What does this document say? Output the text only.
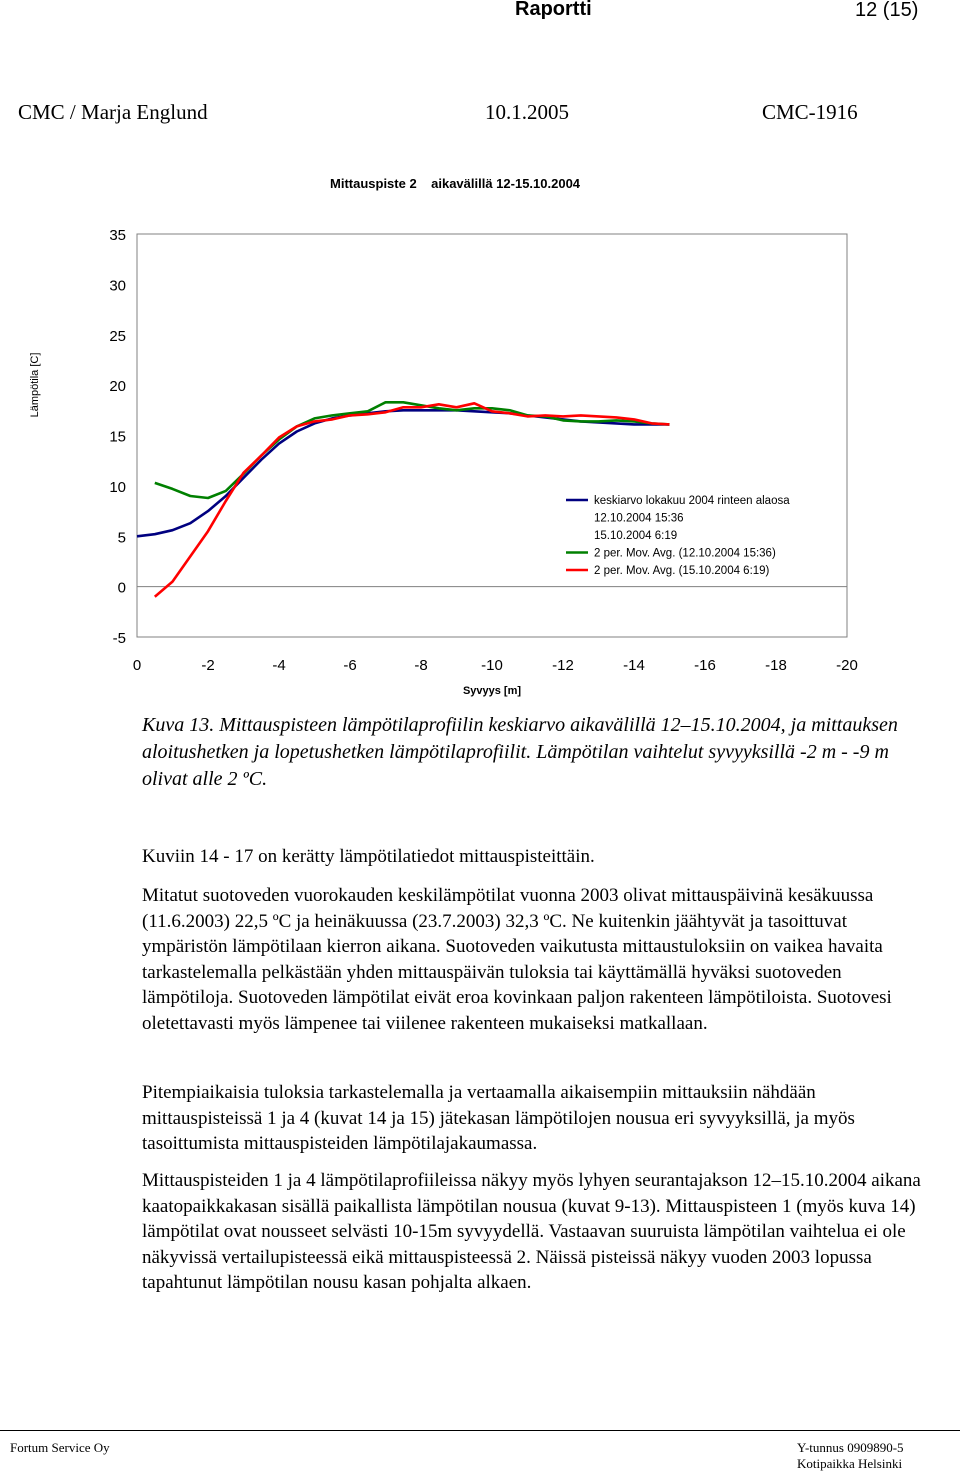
Raportti	12 (15)
CMC / Marja Englund	10.1.2005	CMC-1916
Mittauspiste 2    aikavälillä 12-15.10.2004
35
30
25
20
15
10
5
0
-5
0	-2	-4	-6	-8	-10	-12	-14	-16	-18	-20
keskiarvo lokakuu 2004 rinteen alaosa
12.10.2004 15:36
15.10.2004 6:19
2 per. Mov. Avg. (12.10.2004 15:36)
2 per. Mov. Avg. (15.10.2004 6:19)
Lämpötila [C]
Syvyys [m]
Kuva 13. Mittauspisteen lämpötilaprofiilin keskiarvo aikavälillä 12–15.10.2004, ja mittauksen aloitushetken ja lopetushetken lämpötilaprofiilit. Lämpötilan vaihtelut syvyyksillä -2 m - -9 m olivat alle 2 ºC.
Kuviin 14 - 17 on kerätty lämpötilatiedot mittauspisteittäin.
Mitatut suotoveden vuorokauden keskilämpötilat vuonna 2003 olivat mittauspäivinä kesäkuussa (11.6.2003) 22,5 ºC ja heinäkuussa (23.7.2003) 32,3 ºC. Ne kuitenkin jäähtyvät ja tasoittuvat ympäristön lämpötilaan kierron aikana. Suotoveden vaikutusta mittaustuloksiin on vaikea havaita tarkastelemalla pelkästään yhden mittauspäivän tuloksia tai käyttämällä hyväksi suotoveden lämpötiloja. Suotoveden lämpötilat eivät eroa kovinkaan paljon rakenteen lämpötiloista. Suotovesi oletettavasti myös lämpenee tai viilenee rakenteen mukaiseksi matkallaan.
Pitempiaikaisia tuloksia tarkastelemalla ja vertaamalla aikaisempiin mittauksiin nähdään mittauspisteissä 1 ja 4 (kuvat 14 ja 15) jätekasan lämpötilojen nousua eri syvyyksillä, ja myös tasoittumista mittauspisteiden lämpötilajakaumassa.
Mittauspisteiden 1 ja 4 lämpötilaprofiileissa näkyy myös lyhyen seurantajakson 12–15.10.2004 aikana kaatopaikkakasan sisällä paikallista lämpötilan nousua (kuvat 9-13). Mittauspisteen 1 (myös kuva 14) lämpötilat ovat nousseet selvästi 10-15m syvyydellä. Vastaavan suuruista lämpötilan vaihtelua ei ole näkyvissä vertailupisteessä eikä mittauspisteessä 2. Näissä pisteissä näkyy vuoden 2003 lopussa tapahtunut lämpötilan nousu kasan pohjalta alkaen.
Fortum Service Oy	Y-tunnus 0909890-5
Kotipaikka Helsinki
